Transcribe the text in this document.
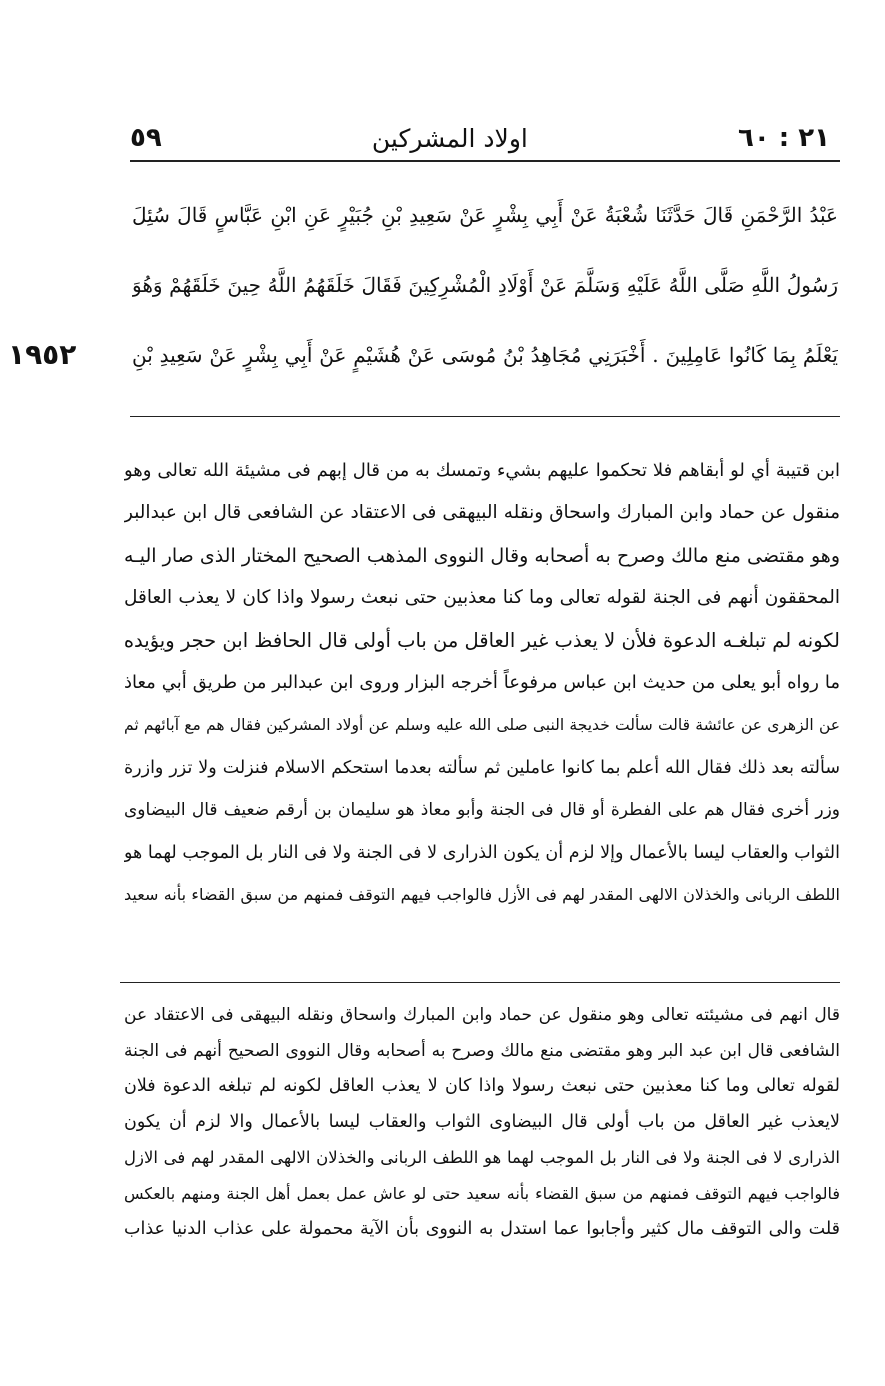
٢١ : ٦٠
اولاد المشركين
٥٩
عَبْدُ الرَّحْمَنِ قَالَ حَدَّثَنَا شُعْبَةُ عَنْ أَبِي بِشْرٍ عَنْ سَعِيدِ بْنِ جُبَيْرٍ عَنِ ابْنِ عَبَّاسٍ قَالَ سُئِلَ
رَسُولُ اللَّهِ صَلَّى اللَّهُ عَلَيْهِ وَسَلَّمَ عَنْ أَوْلَادِ الْمُشْرِكِينَ فَقَالَ خَلَقَهُمُ اللَّهُ حِينَ خَلَقَهُمْ وَهُوَ
يَعْلَمُ بِمَا كَانُوا عَامِلِينَ . أَخْبَرَنِي مُجَاهِدُ بْنُ مُوسَى عَنْ هُشَيْمٍ عَنْ أَبِي بِشْرٍ عَنْ سَعِيدِ بْنِ
١٩٥٢
ابن قتيبة أي لو أبقاهم فلا تحكموا عليهم بشيء وتمسك به من قال إبهم فى مشيئة الله تعالى وهو
منقول عن حماد وابن المبارك واسحاق ونقله البيهقى فى الاعتقاد عن الشافعى قال ابن عبدالبر
وهو مقتضى منع مالك وصرح به أصحابه وقال النووى المذهب الصحيح المختار الذى صار اليـه
المحققون أنهم فى الجنة لقوله تعالى وما كنا معذبين حتى نبعث رسولا واذا كان لا يعذب العاقل
لكونه لم تبلغـه الدعوة فلأن لا يعذب غير العاقل من باب أولى قال الحافظ ابن حجر ويؤيده
ما رواه أبو يعلى من حديث ابن عباس مرفوعاً أخرجه البزار وروى ابن عبدالبر من طريق أبي معاذ
عن الزهرى عن عائشة قالت سألت خديجة النبى صلى الله عليه وسلم عن أولاد المشركين فقال هم مع آبائهم ثم
سألته بعد ذلك فقال الله أعلم بما كانوا عاملين ثم سألته بعدما استحكم الاسلام فنزلت ولا تزر وازرة
وزر أخرى فقال هم على الفطرة أو قال فى الجنة وأبو معاذ هو سليمان بن أرقم ضعيف قال البيضاوى
الثواب والعقاب ليسا بالأعمال وإلا لزم أن يكون الذرارى لا فى الجنة ولا فى النار بل الموجب لهما هو
اللطف الربانى والخذلان الالهى المقدر لهم فى الأزل فالواجب فيهم التوقف فمنهم من سبق القضاء بأنه سعيد
قال انهم فى مشيئته تعالى وهو منقول عن حماد وابن المبارك واسحاق ونقله البيهقى فى الاعتقاد عن
الشافعى قال ابن عبد البر وهو مقتضى منع مالك وصرح به أصحابه وقال النووى الصحيح أنهم فى الجنة
لقوله تعالى وما كنا معذبين حتى نبعث رسولا واذا كان لا يعذب العاقل لكونه لم تبلغه الدعوة فلان
لايعذب غير العاقل من باب أولى قال البيضاوى الثواب والعقاب ليسا بالأعمال والا لزم أن يكون
الذرارى لا فى الجنة ولا فى النار بل الموجب لهما هو اللطف الربانى والخذلان الالهى المقدر لهم فى الازل
فالواجب فيهم التوقف فمنهم من سبق القضاء بأنه سعيد حتى لو عاش عمل بعمل أهل الجنة ومنهم بالعكس
قلت والى التوقف مال كثير وأجابوا عما استدل به النووى بأن الآية محمولة على عذاب الدنيا عذاب
